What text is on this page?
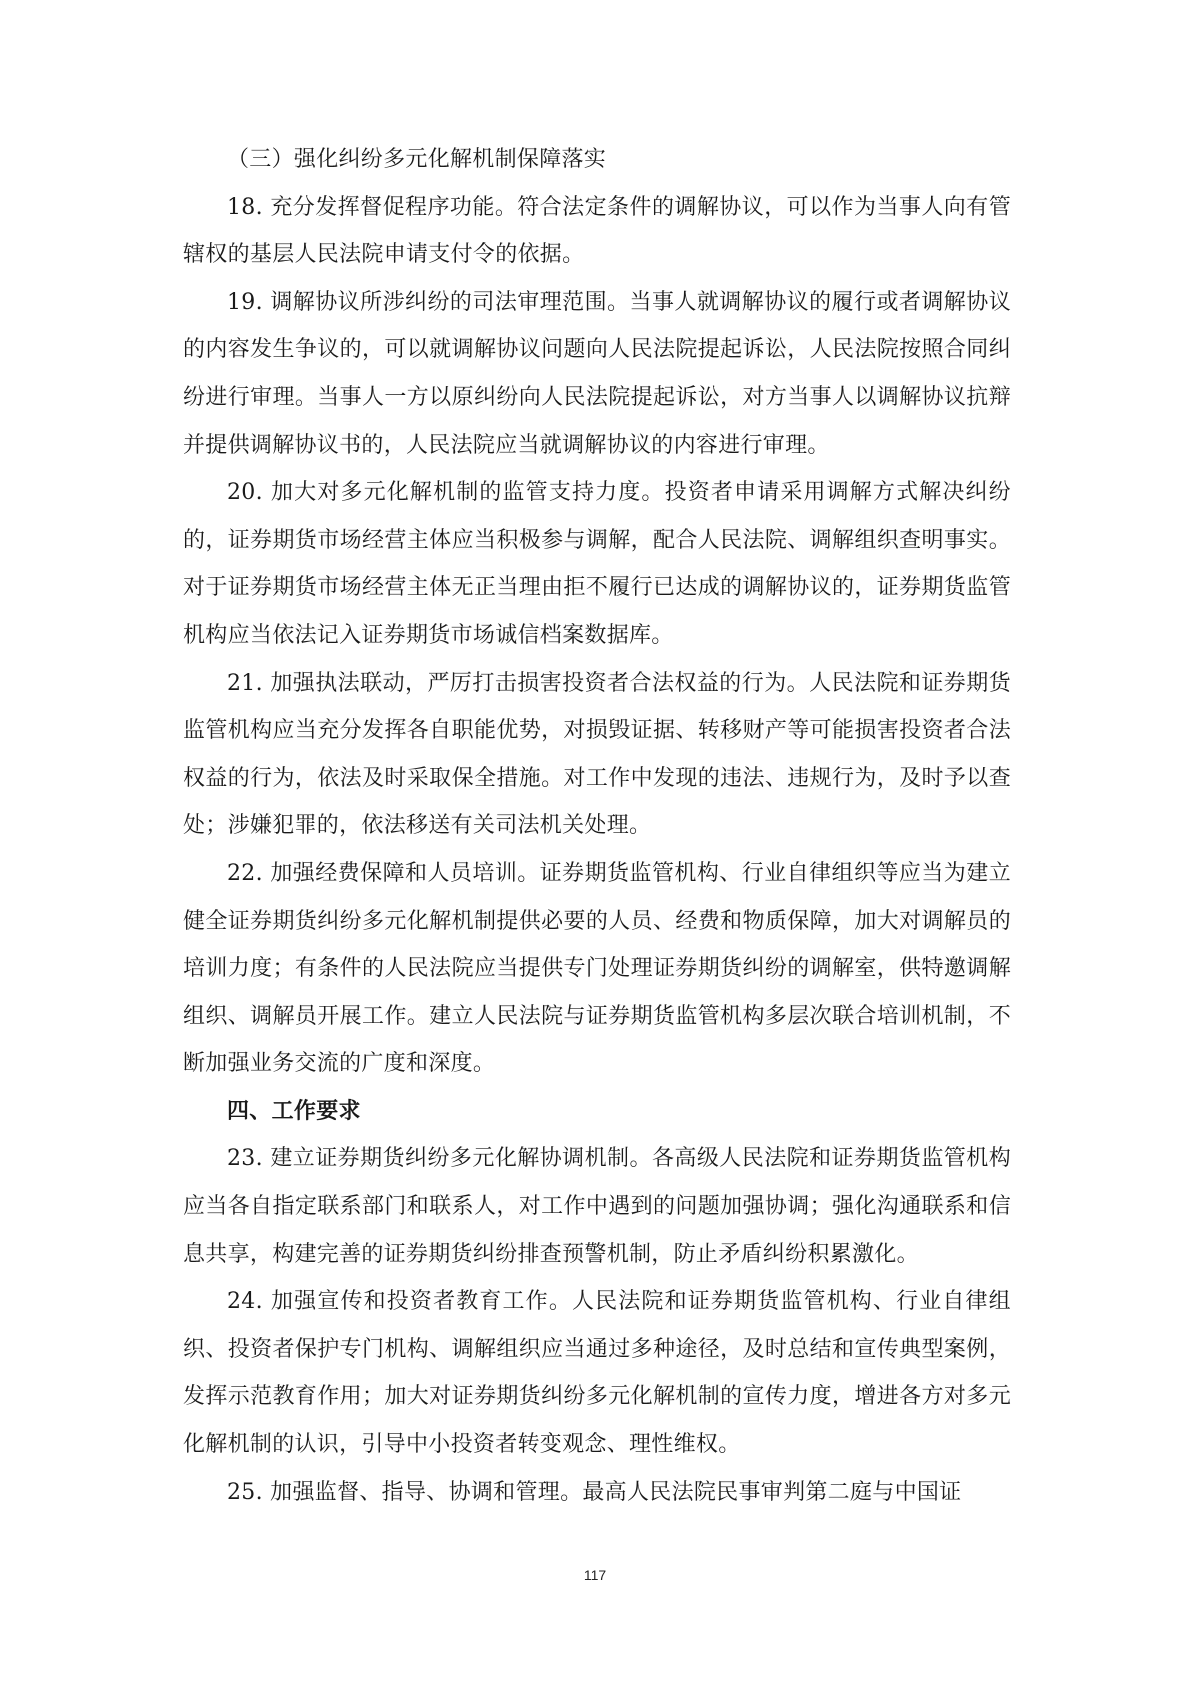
（三）强化纠纷多元化解机制保障落实

18. 充分发挥督促程序功能。符合法定条件的调解协议，可以作为当事人向有管辖权的基层人民法院申请支付令的依据。

19. 调解协议所涉纠纷的司法审理范围。当事人就调解协议的履行或者调解协议的内容发生争议的，可以就调解协议问题向人民法院提起诉讼，人民法院按照合同纠纷进行审理。当事人一方以原纠纷向人民法院提起诉讼，对方当事人以调解协议抗辩并提供调解协议书的，人民法院应当就调解协议的内容进行审理。

20. 加大对多元化解机制的监管支持力度。投资者申请采用调解方式解决纠纷的，证券期货市场经营主体应当积极参与调解，配合人民法院、调解组织查明事实。对于证券期货市场经营主体无正当理由拒不履行已达成的调解协议的，证券期货监管机构应当依法记入证券期货市场诚信档案数据库。

21. 加强执法联动，严厉打击损害投资者合法权益的行为。人民法院和证券期货监管机构应当充分发挥各自职能优势，对损毁证据、转移财产等可能损害投资者合法权益的行为，依法及时采取保全措施。对工作中发现的违法、违规行为，及时予以查处；涉嫌犯罪的，依法移送有关司法机关处理。

22. 加强经费保障和人员培训。证券期货监管机构、行业自律组织等应当为建立健全证券期货纠纷多元化解机制提供必要的人员、经费和物质保障，加大对调解员的培训力度；有条件的人民法院应当提供专门处理证券期货纠纷的调解室，供特邀调解组织、调解员开展工作。建立人民法院与证券期货监管机构多层次联合培训机制，不断加强业务交流的广度和深度。

四、工作要求

23. 建立证券期货纠纷多元化解协调机制。各高级人民法院和证券期货监管机构应当各自指定联系部门和联系人，对工作中遇到的问题加强协调；强化沟通联系和信息共享，构建完善的证券期货纠纷排查预警机制，防止矛盾纠纷积累激化。

24. 加强宣传和投资者教育工作。人民法院和证券期货监管机构、行业自律组织、投资者保护专门机构、调解组织应当通过多种途径，及时总结和宣传典型案例，发挥示范教育作用；加大对证券期货纠纷多元化解机制的宣传力度，增进各方对多元化解机制的认识，引导中小投资者转变观念、理性维权。

25. 加强监督、指导、协调和管理。最高人民法院民事审判第二庭与中国证

117
